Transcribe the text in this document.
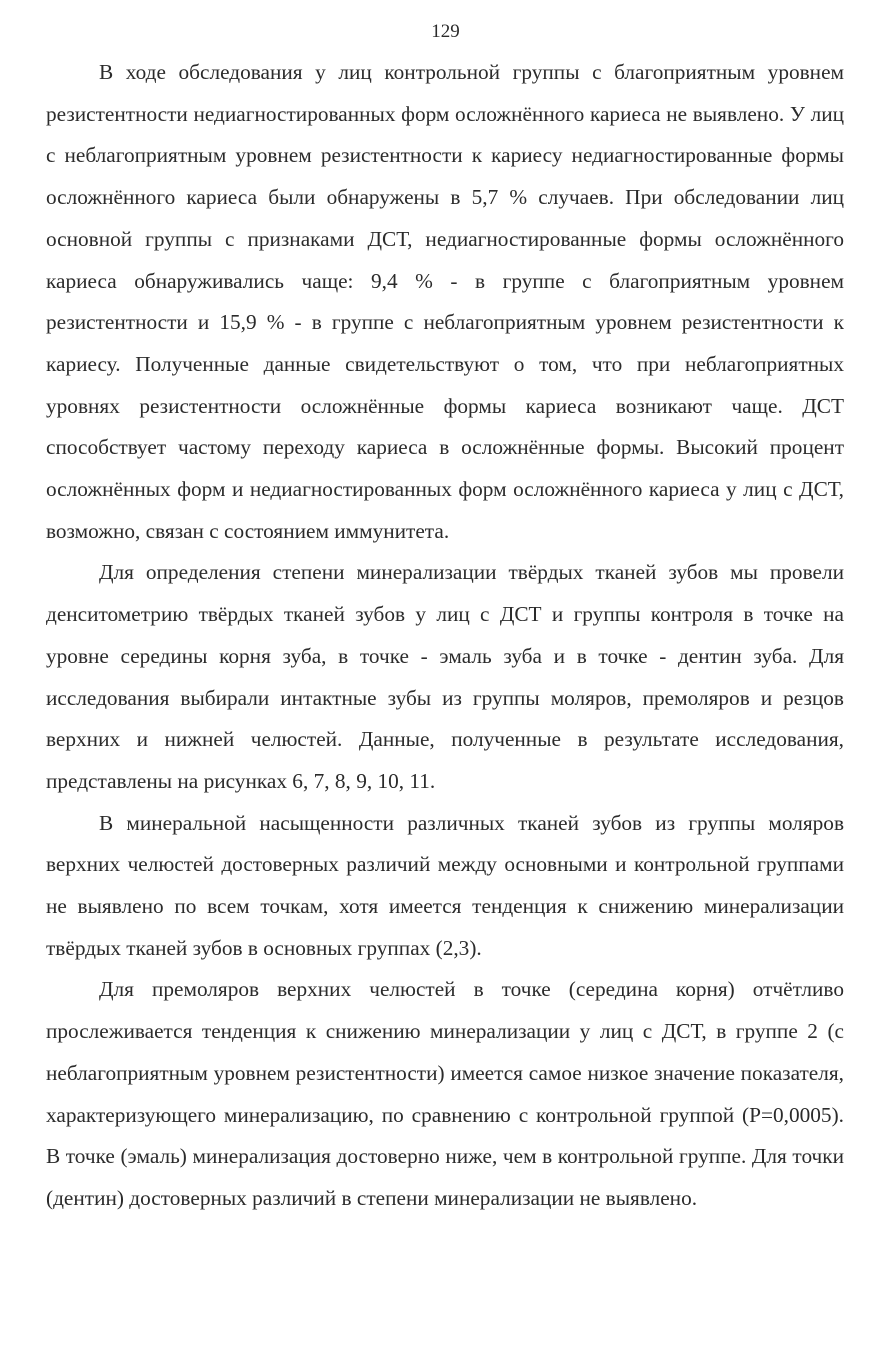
129

В ходе обследования у лиц контрольной группы с благоприятным уровнем резистентности недиагностированных форм осложнённого кариеса не выявлено. У лиц с неблагоприятным уровнем резистентности к кариесу недиагностированные формы осложнённого кариеса были обнаружены в 5,7 % случаев. При обследовании лиц основной группы с признаками ДСТ, недиагностированные формы осложнённого кариеса обнаруживались чаще: 9,4 % - в группе с благоприятным уровнем резистентности и 15,9 % - в группе с неблагоприятным уровнем резистентности к кариесу. Полученные данные свидетельствуют о том, что при неблагоприятных уровнях резистентности осложнённые формы кариеса возникают чаще. ДСТ способствует частому переходу кариеса в осложнённые формы. Высокий процент осложнённых форм и недиагностированных форм осложнённого кариеса у лиц с ДСТ, возможно, связан с состоянием иммунитета.

Для определения степени минерализации твёрдых тканей зубов мы провели денситометрию твёрдых тканей зубов у лиц с ДСТ и группы контроля в точке на уровне середины корня зуба, в точке - эмаль зуба и в точке - дентин зуба. Для исследования выбирали интактные зубы из группы моляров, премоляров и резцов верхних и нижней челюстей. Данные, полученные в результате исследования, представлены на рисунках 6, 7, 8, 9, 10, 11.

В минеральной насыщенности различных тканей зубов из группы моляров верхних челюстей достоверных различий между основными и контрольной группами не выявлено по всем точкам, хотя имеется тенденция к снижению минерализации твёрдых тканей зубов в основных группах (2,3).

Для премоляров верхних челюстей в точке (середина корня) отчётливо прослеживается тенденция к снижению минерализации у лиц с ДСТ, в группе 2 (с неблагоприятным уровнем резистентности) имеется самое низкое значение показателя, характеризующего минерализацию, по сравнению с контрольной группой (Р=0,0005). В точке (эмаль) минерализация достоверно ниже, чем в контрольной группе. Для точки (дентин) достоверных различий в степени минерализации не выявлено.
